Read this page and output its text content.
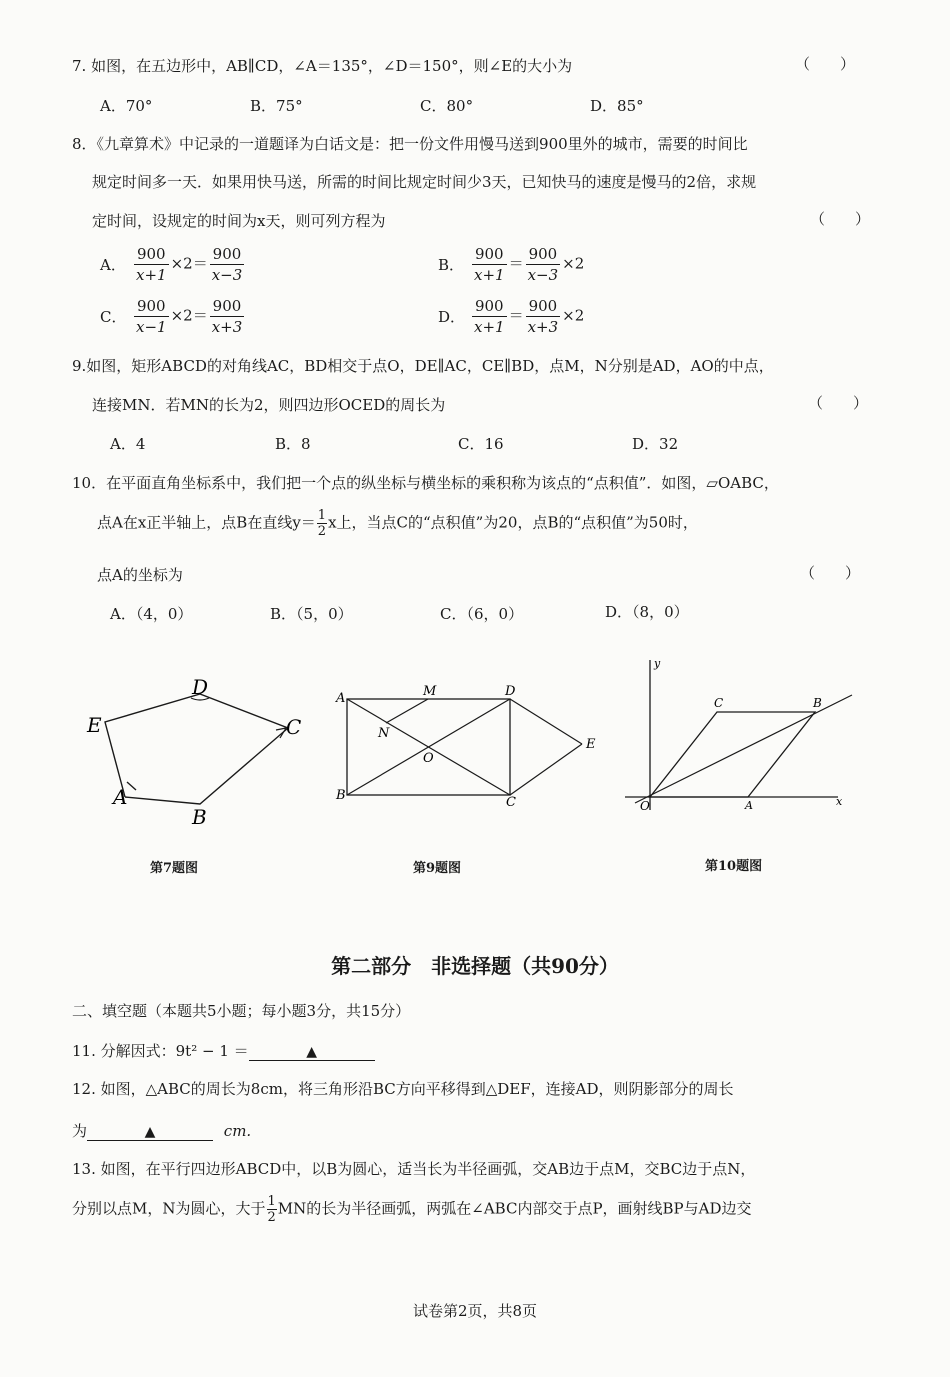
7. 如图，在五边形中，AB∥CD，∠A＝135°，∠D＝150°，则∠E的大小为	（　　）
A．70°	B．75°	C．80°	D．85°
8．《九章算术》中记录的一道题译为白话文是：把一份文件用慢马送到900里外的城市，需要的时间比
规定时间多一天．如果用快马送，所需的时间比规定时间少3天，已知快马的速度是慢马的2倍，求规
定时间，设规定的时间为x天，则可列方程为	（　　）
A． $\frac{900}{x+1} \times 2= \frac{900}{x-3}$	B． $\frac{900}{x+1} = \frac{900}{x-3} \times 2$
C． $\frac{900}{x-1} \times 2= \frac{900}{x+3}$	D． $\frac{900}{x+1} = \frac{900}{x+3} \times 2$
9.如图，矩形ABCD的对角线AC，BD相交于点O，DE∥AC，CE∥BD，点M，N分别是AD，AO的中点，
连接MN．若MN的长为2，则四边形OCED的周长为	（　　）
A．4	B．8	C．16	D．32
10．在平面直角坐标系中，我们把一个点的纵坐标与横坐标的乘积称为该点的“点积值”．如图，▱OABC，
点A在x正半轴上，点B在直线$y= \frac{1}{2}$ x上，当点C的“点积值”为20，点B的“点积值”为50时，
点A的坐标为	（　　）
A．（4，0）	B．（5，0）	C．（6，0）	D．（8，0）
D
E	C
A
B
第7题图
A	M	D
N
O
E
B	C
第9题图
y
C	B
O	A	x
第10题图
第二部分　非选择题（共90分）
二、填空题（本题共5小题；每小题3分，共15分）
11. 分解因式：9t² − 1 ＝	▲
12. 如图，△ABC的周长为8cm，将三角形沿BC方向平移得到△DEF，连接AD，则阴影部分的周长
为	▲	cm.
13. 如图，在平行四边形ABCD中，以B为圆心，适当长为半径画弧，交AB边于点M，交BC边于点N，
分别以点M，N为圆心，大于 $\frac{1}{2}$ MN的长为半径画弧，两弧在∠ABC内部交于点P，画射线BP与AD边交
试卷第2页，共8页
